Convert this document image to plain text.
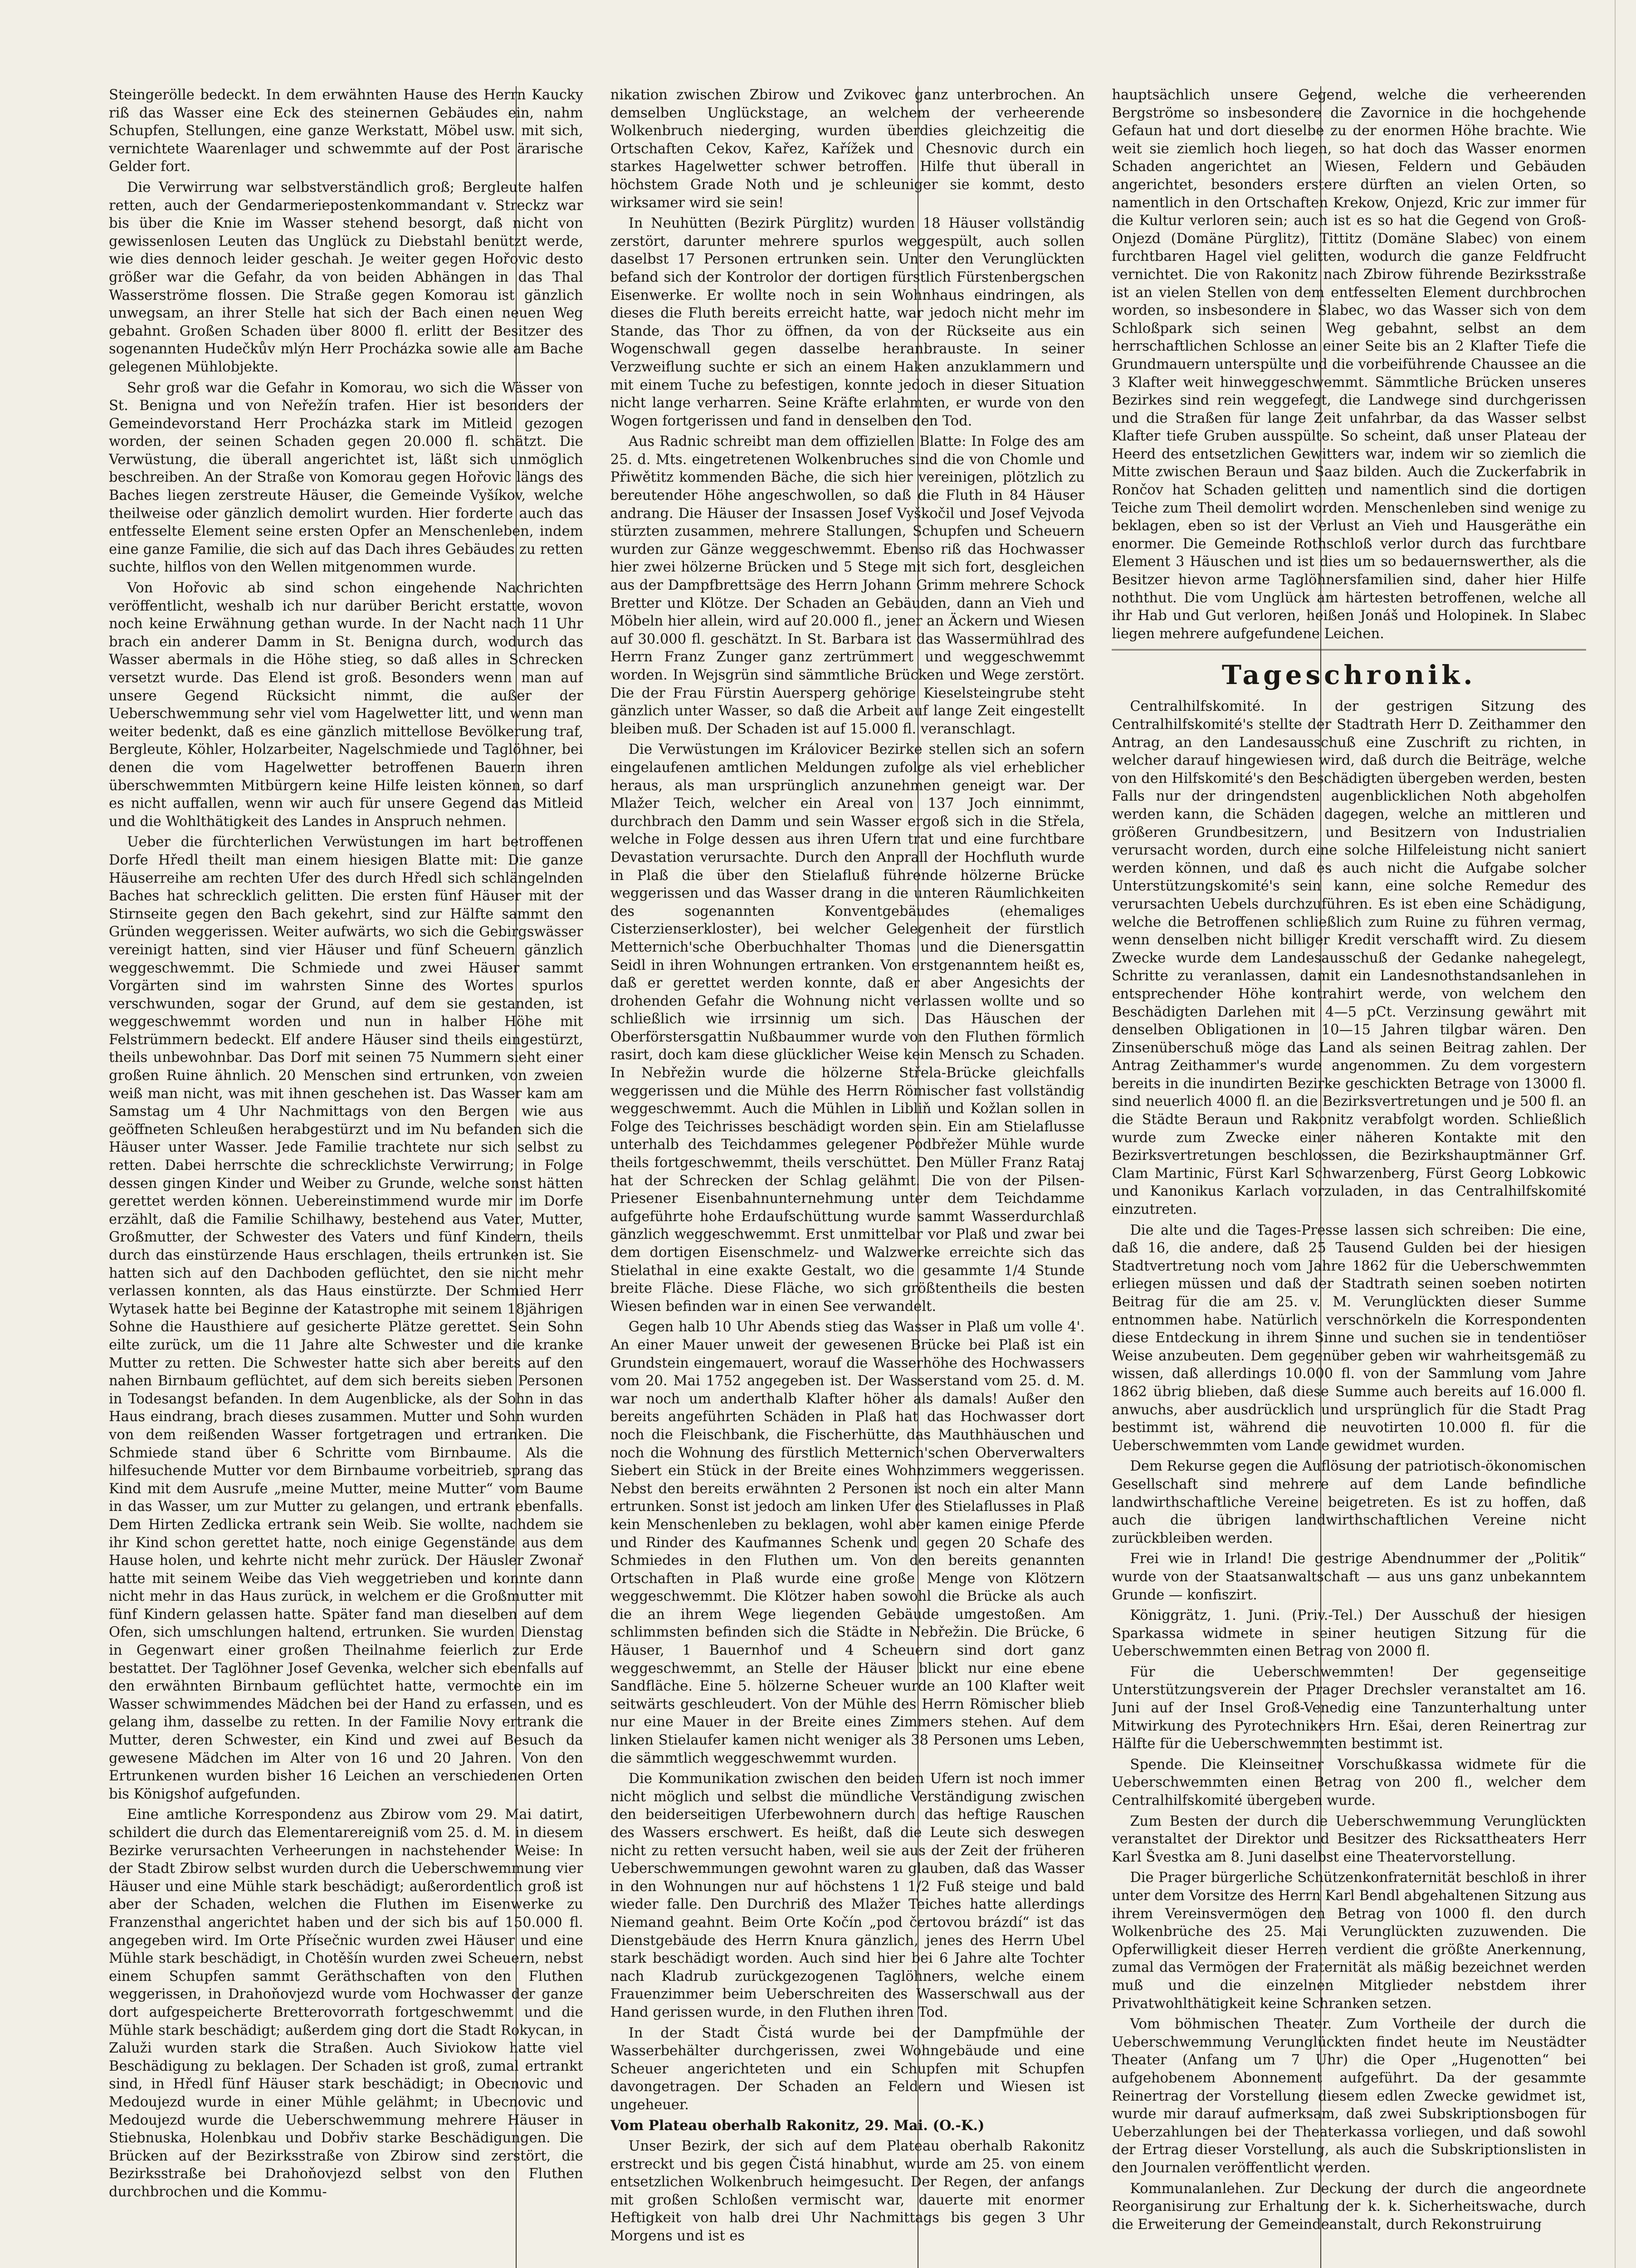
Steingerölle bedeckt. In dem erwähnten Hause des Herrn Kaucky riß das Wasser eine Eck des steinernen Gebäudes ein, nahm Schupfen, Stellungen, eine ganze Werkstatt, Möbel usw. mit sich, vernichtete Waarenlager und schwemmte auf der Post ärarische Gelder fort.

Die Verwirrung war selbstverständlich groß; Bergleute halfen retten, auch der Gendarmeriepostenkommandant v. Streckz war bis über die Knie im Wasser stehend besorgt, daß nicht von gewissenlosen Leuten das Unglück zu Diebstahl benützt werde, wie dies dennoch leider geschah. Je weiter gegen Hořovic desto größer war die Gefahr, da von beiden Abhängen in das Thal Wasserströme flossen. Die Straße gegen Komorau ist gänzlich unwegsam, an ihrer Stelle hat sich der Bach einen neuen Weg gebahnt. Großen Schaden über 8000 fl. erlitt der Besitzer des sogenannten Hudečkův mlýn Herr Procházka sowie alle am Bache gelegenen Mühlobjekte.

Sehr groß war die Gefahr in Komorau, wo sich die Wässer von St. Benigna und von Neřežín trafen. Hier ist besonders der Gemeindevorstand Herr Procházka stark im Mitleid gezogen worden, der seinen Schaden gegen 20.000 fl. schätzt. Die Verwüstung, die überall angerichtet ist, läßt sich unmöglich beschreiben. An der Straße von Komorau gegen Hořovic längs des Baches liegen zerstreute Häuser, die Gemeinde Vyšíkov, welche theilweise oder gänzlich demolirt wurden. Hier forderte auch das entfesselte Element seine ersten Opfer an Menschenleben, indem eine ganze Familie, die sich auf das Dach ihres Gebäudes zu retten suchte, hilflos von den Wellen mitgenommen wurde.

Von Hořovic ab sind schon eingehende Nachrichten veröffentlicht, weshalb ich nur darüber Bericht erstatte, wovon noch keine Erwähnung gethan wurde. In der Nacht nach 11 Uhr brach ein anderer Damm in St. Benigna durch, wodurch das Wasser abermals in die Höhe stieg, so daß alles in Schrecken versetzt wurde. Das Elend ist groß. Besonders wenn man auf unsere Gegend Rücksicht nimmt, die außer der Ueberschwemmung sehr viel vom Hagelwetter litt, und wenn man weiter bedenkt, daß es eine gänzlich mittellose Bevölkerung traf, Bergleute, Köhler, Holzarbeiter, Nagelschmiede und Taglöhner, bei denen die vom Hagelwetter betroffenen Bauern ihren überschwemmten Mitbürgern keine Hilfe leisten können, so darf es nicht auffallen, wenn wir auch für unsere Gegend das Mitleid und die Wohlthätigkeit des Landes in Anspruch nehmen.

Ueber die fürchterlichen Verwüstungen im hart betroffenen Dorfe Hředl theilt man einem hiesigen Blatte mit: Die ganze Häuserreihe am rechten Ufer des durch Hředl sich schlängelnden Baches hat schrecklich gelitten. Die ersten fünf Häuser mit der Stirnseite gegen den Bach gekehrt, sind zur Hälfte sammt den Gründen weggerissen. Weiter aufwärts, wo sich die Gebirgswässer vereinigt hatten, sind vier Häuser und fünf Scheuern gänzlich weggeschwemmt. Die Schmiede und zwei Häuser sammt Vorgärten sind im wahrsten Sinne des Wortes spurlos verschwunden, sogar der Grund, auf dem sie gestanden, ist weggeschwemmt worden und nun in halber Höhe mit Felstrümmern bedeckt. Elf andere Häuser sind theils eingestürzt, theils unbewohnbar. Das Dorf mit seinen 75 Nummern sieht einer großen Ruine ähnlich. 20 Menschen sind ertrunken, von zweien weiß man nicht, was mit ihnen geschehen ist. Das Wasser kam am Samstag um 4 Uhr Nachmittags von den Bergen wie aus geöffneten Schleußen herabgestürzt und im Nu befanden sich die Häuser unter Wasser. Jede Familie trachtete nur sich selbst zu retten. Dabei herrschte die schrecklichste Verwirrung; in Folge dessen gingen Kinder und Weiber zu Grunde, welche sonst hätten gerettet werden können. Uebereinstimmend wurde mir im Dorfe erzählt, daß die Familie Schilhawy, bestehend aus Vater, Mutter, Großmutter, der Schwester des Vaters und fünf Kindern, theils durch das einstürzende Haus erschlagen, theils ertrunken ist. Sie hatten sich auf den Dachboden geflüchtet, den sie nicht mehr verlassen konnten, als das Haus einstürzte. Der Schmied Herr Wytasek hatte bei Beginne der Katastrophe mit seinem 18jährigen Sohne die Hausthiere auf gesicherte Plätze gerettet. Sein Sohn eilte zurück, um die 11 Jahre alte Schwester und die kranke Mutter zu retten. Die Schwester hatte sich aber bereits auf den nahen Birnbaum geflüchtet, auf dem sich bereits sieben Personen in Todesangst befanden. In dem Augenblicke, als der Sohn in das Haus eindrang, brach dieses zusammen. Mutter und Sohn wurden von dem reißenden Wasser fortgetragen und ertranken. Die Schmiede stand über 6 Schritte vom Birnbaume. Als die hilfesuchende Mutter vor dem Birnbaume vorbeitrieb, sprang das Kind mit dem Ausrufe „meine Mutter, meine Mutter“ vom Baume in das Wasser, um zur Mutter zu gelangen, und ertrank ebenfalls. Dem Hirten Zedlicka ertrank sein Weib. Sie wollte, nachdem sie ihr Kind schon gerettet hatte, noch einige Gegenstände aus dem Hause holen, und kehrte nicht mehr zurück. Der Häusler Zwonař hatte mit seinem Weibe das Vieh weggetrieben und konnte dann nicht mehr in das Haus zurück, in welchem er die Großmutter mit fünf Kindern gelassen hatte. Später fand man dieselben auf dem Ofen, sich umschlungen haltend, ertrunken. Sie wurden Dienstag in Gegenwart einer großen Theilnahme feierlich zur Erde bestattet. Der Taglöhner Josef Gevenka, welcher sich ebenfalls auf den erwähnten Birnbaum geflüchtet hatte, vermochte ein im Wasser schwimmendes Mädchen bei der Hand zu erfassen, und es gelang ihm, dasselbe zu retten. In der Familie Novy ertrank die Mutter, deren Schwester, ein Kind und zwei auf Besuch da gewesene Mädchen im Alter von 16 und 20 Jahren. Von den Ertrunkenen wurden bisher 16 Leichen an verschiedenen Orten bis Königshof aufgefunden.

Eine amtliche Korrespondenz aus Zbirow vom 29. Mai datirt, schildert die durch das Elementarereigniß vom 25. d. M. in diesem Bezirke verursachten Verheerungen in nachstehender Weise: In der Stadt Zbirow selbst wurden durch die Ueberschwemmung vier Häuser und eine Mühle stark beschädigt; außerordentlich groß ist aber der Schaden, welchen die Fluthen im Eisenwerke zu Franzensthal angerichtet haben und der sich bis auf 150.000 fl. angegeben wird. Im Orte Přísečnic wurden zwei Häuser und eine Mühle stark beschädigt, in Chotěšín wurden zwei Scheuern, nebst einem Schupfen sammt Geräthschaften von den Fluthen weggerissen, in Drahoňovjezd wurde vom Hochwasser der ganze dort aufgespeicherte Bretterovorrath fortgeschwemmt und die Mühle stark beschädigt; außerdem ging dort die Stadt Rokycan, in Zaluži wurden stark die Straßen. Auch Siviokow hatte viel Beschädigung zu beklagen. Der Schaden ist groß, zumal ertrankt sind, in Hředl fünf Häuser stark beschädigt; in Obecnovic und Medoujezd wurde in einer Mühle gelähmt; in Ubecnovic und Medoujezd wurde die Ueberschwemmung mehrere Häuser in Stiebnuska, Holenbkau und Dobřiv starke Beschädigungen. Die Brücken auf der Bezirksstraße von Zbirow sind zerstört, die Bezirksstraße bei Drahoňovjezd selbst von den Fluthen durchbrochen und die Kommu-

nikation zwischen Zbirow und Zvikovec ganz unterbrochen. An demselben Unglückstage, an welchem der verheerende Wolkenbruch niederging, wurden überdies gleichzeitig die Ortschaften Cekov, Kařez, Kařížek und Chesnovic durch ein starkes Hagelwetter schwer betroffen. Hilfe thut überall in höchstem Grade Noth und je schleuniger sie kommt, desto wirksamer wird sie sein!

In Neuhütten (Bezirk Pürglitz) wurden 18 Häuser vollständig zerstört, darunter mehrere spurlos weggespült, auch sollen daselbst 17 Personen ertrunken sein. Unter den Verunglückten befand sich der Kontrolor der dortigen fürstlich Fürstenbergschen Eisenwerke. Er wollte noch in sein Wohnhaus eindringen, als dieses die Fluth bereits erreicht hatte, war jedoch nicht mehr im Stande, das Thor zu öffnen, da von der Rückseite aus ein Wogenschwall gegen dasselbe heranbrauste. In seiner Verzweiflung suchte er sich an einem Haken anzuklammern und mit einem Tuche zu befestigen, konnte jedoch in dieser Situation nicht lange verharren. Seine Kräfte erlahmten, er wurde von den Wogen fortgerissen und fand in denselben den Tod.

Aus Radnic schreibt man dem offiziellen Blatte: In Folge des am 25. d. Mts. eingetretenen Wolkenbruches sind die von Chomle und Přiwětitz kommenden Bäche, die sich hier vereinigen, plötzlich zu bereutender Höhe angeschwollen, so daß die Fluth in 84 Häuser andrang. Die Häuser der Insassen Josef Vyškočil und Josef Vejvoda stürzten zusammen, mehrere Stallungen, Schupfen und Scheuern wurden zur Gänze weggeschwemmt. Ebenso riß das Hochwasser hier zwei hölzerne Brücken und 5 Stege mit sich fort, desgleichen aus der Dampfbrettsäge des Herrn Johann Grimm mehrere Schock Bretter und Klötze. Der Schaden an Gebäuden, dann an Vieh und Möbeln hier allein, wird auf 20.000 fl., jener an Äckern und Wiesen auf 30.000 fl. geschätzt. In St. Barbara ist das Wassermühlrad des Herrn Franz Zunger ganz zertrümmert und weggeschwemmt worden. In Wejsgrün sind sämmtliche Brücken und Wege zerstört. Die der Frau Fürstin Auersperg gehörige Kieselsteingrube steht gänzlich unter Wasser, so daß die Arbeit auf lange Zeit eingestellt bleiben muß. Der Schaden ist auf 15.000 fl. veranschlagt.

Die Verwüstungen im Královicer Bezirke stellen sich an sofern eingelaufenen amtlichen Meldungen zufolge als viel erheblicher heraus, als man ursprünglich anzunehmen geneigt war. Der Mlažer Teich, welcher ein Areal von 137 Joch einnimmt, durchbrach den Damm und sein Wasser ergoß sich in die Střela, welche in Folge dessen aus ihren Ufern trat und eine furchtbare Devastation verursachte. Durch den Anprall der Hochfluth wurde in Plaß die über den Stielafluß führende hölzerne Brücke weggerissen und das Wasser drang in die unteren Räumlichkeiten des sogenannten Konventgebäudes (ehemaliges Cisterzienserkloster), bei welcher Gelegenheit der fürstlich Metternich'sche Oberbuchhalter Thomas und die Dienersgattin Seidl in ihren Wohnungen ertranken. Von erstgenanntem heißt es, daß er gerettet werden konnte, daß er aber Angesichts der drohenden Gefahr die Wohnung nicht verlassen wollte und so schließlich wie irrsinnig um sich. Das Häuschen der Oberförstersgattin Nußbaummer wurde von den Fluthen förmlich rasirt, doch kam diese glücklicher Weise kein Mensch zu Schaden. In Nebřežin wurde die hölzerne Střela-Brücke gleichfalls weggerissen und die Mühle des Herrn Römischer fast vollständig weggeschwemmt. Auch die Mühlen in Libliň und Kožlan sollen in Folge des Teichrisses beschädigt worden sein. Ein am Stielaflusse unterhalb des Teichdammes gelegener Podbřežer Mühle wurde theils fortgeschwemmt, theils verschüttet. Den Müller Franz Rataj hat der Schrecken der Schlag gelähmt. Die von der Pilsen-Priesener Eisenbahnunternehmung unter dem Teichdamme aufgeführte hohe Erdaufschüttung wurde sammt Wasserdurchlaß gänzlich weggeschwemmt. Erst unmittelbar vor Plaß und zwar bei dem dortigen Eisenschmelz- und Walzwerke erreichte sich das Stielathal in eine exakte Gestalt, wo die gesammte 1/4 Stunde breite Fläche. Diese Fläche, wo sich größtentheils die besten Wiesen befinden war in einen See verwandelt.

Gegen halb 10 Uhr Abends stieg das Wasser in Plaß um volle 4'. An einer Mauer unweit der gewesenen Brücke bei Plaß ist ein Grundstein eingemauert, worauf die Wasserhöhe des Hochwassers vom 20. Mai 1752 angegeben ist. Der Wasserstand vom 25. d. M. war noch um anderthalb Klafter höher als damals! Außer den bereits angeführten Schäden in Plaß hat das Hochwasser dort noch die Fleischbank, die Fischerhütte, das Mauthhäuschen und noch die Wohnung des fürstlich Metternich'schen Oberverwalters Siebert ein Stück in der Breite eines Wohnzimmers weggerissen. Nebst den bereits erwähnten 2 Personen ist noch ein alter Mann ertrunken. Sonst ist jedoch am linken Ufer des Stielaflusses in Plaß kein Menschenleben zu beklagen, wohl aber kamen einige Pferde und Rinder des Kaufmannes Schenk und gegen 20 Schafe des Schmiedes in den Fluthen um. Von den bereits genannten Ortschaften in Plaß wurde eine große Menge von Klötzern weggeschwemmt. Die Klötzer haben sowohl die Brücke als auch die an ihrem Wege liegenden Gebäude umgestoßen. Am schlimmsten befinden sich die Städte in Nebřežin. Die Brücke, 6 Häuser, 1 Bauernhof und 4 Scheuern sind dort ganz weggeschwemmt, an Stelle der Häuser blickt nur eine ebene Sandfläche. Eine 5. hölzerne Scheuer wurde an 100 Klafter weit seitwärts geschleudert. Von der Mühle des Herrn Römischer blieb nur eine Mauer in der Breite eines Zimmers stehen. Auf dem linken Stielaufer kamen nicht weniger als 38 Personen ums Leben, die sämmtlich weggeschwemmt wurden.

Die Kommunikation zwischen den beiden Ufern ist noch immer nicht möglich und selbst die mündliche Verständigung zwischen den beiderseitigen Uferbewohnern durch das heftige Rauschen des Wassers erschwert. Es heißt, daß die Leute sich deswegen nicht zu retten versucht haben, weil sie aus der Zeit der früheren Ueberschwemmungen gewohnt waren zu glauben, daß das Wasser in den Wohnungen nur auf höchstens 1 1/2 Fuß steige und bald wieder falle. Den Durchriß des Mlažer Teiches hatte allerdings Niemand geahnt. Beim Orte Kočín „pod čertovou brázdí“ ist das Dienstgebäude des Herrn Knura gänzlich, jenes des Herrn Ubel stark beschädigt worden. Auch sind hier bei 6 Jahre alte Tochter nach Kladrub zurückgezogenen Taglöhners, welche einem Frauenzimmer beim Ueberschreiten des Wasserschwall aus der Hand gerissen wurde, in den Fluthen ihren Tod.

In der Stadt Čistá wurde bei der Dampfmühle der Wasserbehälter durchgerissen, zwei Wohngebäude und eine Scheuer angerichteten und ein Schupfen mit Schupfen davongetragen. Der Schaden an Feldern und Wiesen ist ungeheuer.

Vom Plateau oberhalb Rakonitz, 29. Mai. (O.-K.)

Unser Bezirk, der sich auf dem Plateau oberhalb Rakonitz erstreckt und bis gegen Čistá hinabhut, wurde am 25. von einem entsetzlichen Wolkenbruch heimgesucht. Der Regen, der anfangs mit großen Schloßen vermischt war, dauerte mit enormer Heftigkeit von halb drei Uhr Nachmittags bis gegen 3 Uhr Morgens und ist es

hauptsächlich unsere Gegend, welche die verheerenden Bergströme so insbesondere die Zavornice in die hochgehende Gefaun hat und dort dieselbe zu der enormen Höhe brachte. Wie weit sie ziemlich hoch liegen, so hat doch das Wasser enormen Schaden angerichtet an Wiesen, Feldern und Gebäuden angerichtet, besonders erstere dürften an vielen Orten, so namentlich in den Ortschaften Krekow, Onjezd, Kric zur immer für die Kultur verloren sein; auch ist es so hat die Gegend von Groß-Onjezd (Domäne Pürglitz), Tittitz (Domäne Slabec) von einem furchtbaren Hagel viel gelitten, wodurch die ganze Feldfrucht vernichtet. Die von Rakonitz nach Zbirow führende Bezirksstraße ist an vielen Stellen von dem entfesselten Element durchbrochen worden, so insbesondere in Slabec, wo das Wasser sich von dem Schloßpark sich seinen Weg gebahnt, selbst an dem herrschaftlichen Schlosse an einer Seite bis an 2 Klafter Tiefe die Grundmauern unterspülte und die vorbeiführende Chaussee an die 3 Klafter weit hinweggeschwemmt. Sämmtliche Brücken unseres Bezirkes sind rein weggefegt, die Landwege sind durchgerissen und die Straßen für lange Zeit unfahrbar, da das Wasser selbst Klafter tiefe Gruben ausspülte. So scheint, daß unser Plateau der Heerd des entsetzlichen Gewitters war, indem wir so ziemlich die Mitte zwischen Beraun und Saaz bilden. Auch die Zuckerfabrik in Rončov hat Schaden gelitten und namentlich sind die dortigen Teiche zum Theil demolirt worden. Menschenleben sind wenige zu beklagen, eben so ist der Verlust an Vieh und Hausgeräthe ein enormer. Die Gemeinde Rothschloß verlor durch das furchtbare Element 3 Häuschen und ist dies um so bedauernswerther, als die Besitzer hievon arme Taglöhnersfamilien sind, daher hier Hilfe noththut. Die vom Unglück am härtesten betroffenen, welche all ihr Hab und Gut verloren, heißen Jonáš und Holopinek. In Slabec liegen mehrere aufgefundene Leichen.

Tageschronik.

Centralhilfskomité. In der gestrigen Sitzung des Centralhilfskomité's stellte der Stadtrath Herr D. Zeithammer den Antrag, an den Landesausschuß eine Zuschrift zu richten, in welcher darauf hingewiesen wird, daß durch die Beiträge, welche von den Hilfskomité's den Beschädigten übergeben werden, besten Falls nur der dringendsten augenblicklichen Noth abgeholfen werden kann, die Schäden dagegen, welche an mittleren und größeren Grundbesitzern, und Besitzern von Industrialien verursacht worden, durch eine solche Hilfeleistung nicht saniert werden können, und daß es auch nicht die Aufgabe solcher Unterstützungskomité's sein kann, eine solche Remedur des verursachten Uebels durchzuführen. Es ist eben eine Schädigung, welche die Betroffenen schließlich zum Ruine zu führen vermag, wenn denselben nicht billiger Kredit verschafft wird. Zu diesem Zwecke wurde dem Landesausschuß der Gedanke nahegelegt, Schritte zu veranlassen, damit ein Landesnothstandsanlehen in entsprechender Höhe kontrahirt werde, von welchem den Beschädigten Darlehen mit 4—5 pCt. Verzinsung gewährt mit denselben Obligationen in 10—15 Jahren tilgbar wären. Den Zinsenüberschuß möge das Land als seinen Beitrag zahlen. Der Antrag Zeithammer's wurde angenommen. Zu dem vorgestern bereits in die inundirten Bezirke geschickten Betrage von 13000 fl. sind neuerlich 4000 fl. an die Bezirksvertretungen und je 500 fl. an die Städte Beraun und Rakonitz verabfolgt worden. Schließlich wurde zum Zwecke einer näheren Kontakte mit den Bezirksvertretungen beschlossen, die Bezirkshauptmänner Grf. Clam Martinic, Fürst Karl Schwarzenberg, Fürst Georg Lobkowic und Kanonikus Karlach vorzuladen, in das Centralhilfskomité einzutreten.

Die alte und die Tages-Presse lassen sich schreiben: Die eine, daß 16, die andere, daß 25 Tausend Gulden bei der hiesigen Stadtvertretung noch vom Jahre 1862 für die Ueberschwemmten erliegen müssen und daß der Stadtrath seinen soeben notirten Beitrag für die am 25. v. M. Verunglückten dieser Summe entnommen habe. Natürlich verschnörkeln die Korrespondenten diese Entdeckung in ihrem Sinne und suchen sie in tendentiöser Weise anzubeuten. Dem gegenüber geben wir wahrheitsgemäß zu wissen, daß allerdings 10.000 fl. von der Sammlung vom Jahre 1862 übrig blieben, daß diese Summe auch bereits auf 16.000 fl. anwuchs, aber ausdrücklich und ursprünglich für die Stadt Prag bestimmt ist, während die neuvotirten 10.000 fl. für die Ueberschwemmten vom Lande gewidmet wurden.

Dem Rekurse gegen die Auflösung der patriotisch-ökonomischen Gesellschaft sind mehrere auf dem Lande befindliche landwirthschaftliche Vereine beigetreten. Es ist zu hoffen, daß auch die übrigen landwirthschaftlichen Vereine nicht zurückbleiben werden.

Frei wie in Irland! Die gestrige Abendnummer der „Politik“ wurde von der Staatsanwaltschaft — aus uns ganz unbekanntem Grunde — konfiszirt.

Königgrätz, 1. Juni. (Priv.-Tel.) Der Ausschuß der hiesigen Sparkassa widmete in seiner heutigen Sitzung für die Ueberschwemmten einen Betrag von 2000 fl.

Für die Ueberschwemmten! Der gegenseitige Unterstützungsverein der Prager Drechsler veranstaltet am 16. Juni auf der Insel Groß-Venedig eine Tanzunterhaltung unter Mitwirkung des Pyrotechnikers Hrn. Ešai, deren Reinertrag zur Hälfte für die Ueberschwemmten bestimmt ist.

Spende. Die Kleinseitner Vorschußkassa widmete für die Ueberschwemmten einen Betrag von 200 fl., welcher dem Centralhilfskomité übergeben wurde.

Zum Besten der durch die Ueberschwemmung Verunglückten veranstaltet der Direktor und Besitzer des Ricksattheaters Herr Karl Švestka am 8. Juni daselbst eine Theatervorstellung.

Die Prager bürgerliche Schützenkonfraternität beschloß in ihrer unter dem Vorsitze des Herrn Karl Bendl abgehaltenen Sitzung aus ihrem Vereinsvermögen den Betrag von 1000 fl. den durch Wolkenbrüche des 25. Mai Verunglückten zuzuwenden. Die Opferwilligkeit dieser Herren verdient die größte Anerkennung, zumal das Vermögen der Fraternität als mäßig bezeichnet werden muß und die einzelnen Mitglieder nebstdem ihrer Privatwohlthätigkeit keine Schranken setzen.

Vom böhmischen Theater. Zum Vortheile der durch die Ueberschwemmung Verunglückten findet heute im Neustädter Theater (Anfang um 7 Uhr) die Oper „Hugenotten“ bei aufgehobenem Abonnement aufgeführt. Da der gesammte Reinertrag der Vorstellung diesem edlen Zwecke gewidmet ist, wurde mir darauf aufmerksam, daß zwei Subskriptionsbogen für Ueberzahlungen bei der Theaterkassa vorliegen, und daß sowohl der Ertrag dieser Vorstellung, als auch die Subskriptionslisten in den Journalen veröffentlicht werden.

Kommunalanlehen. Zur Deckung der durch die angeordnete Reorganisirung zur Erhaltung der k. k. Sicherheitswache, durch die Erweiterung der Gemeindeanstalt, durch Rekonstruirung
